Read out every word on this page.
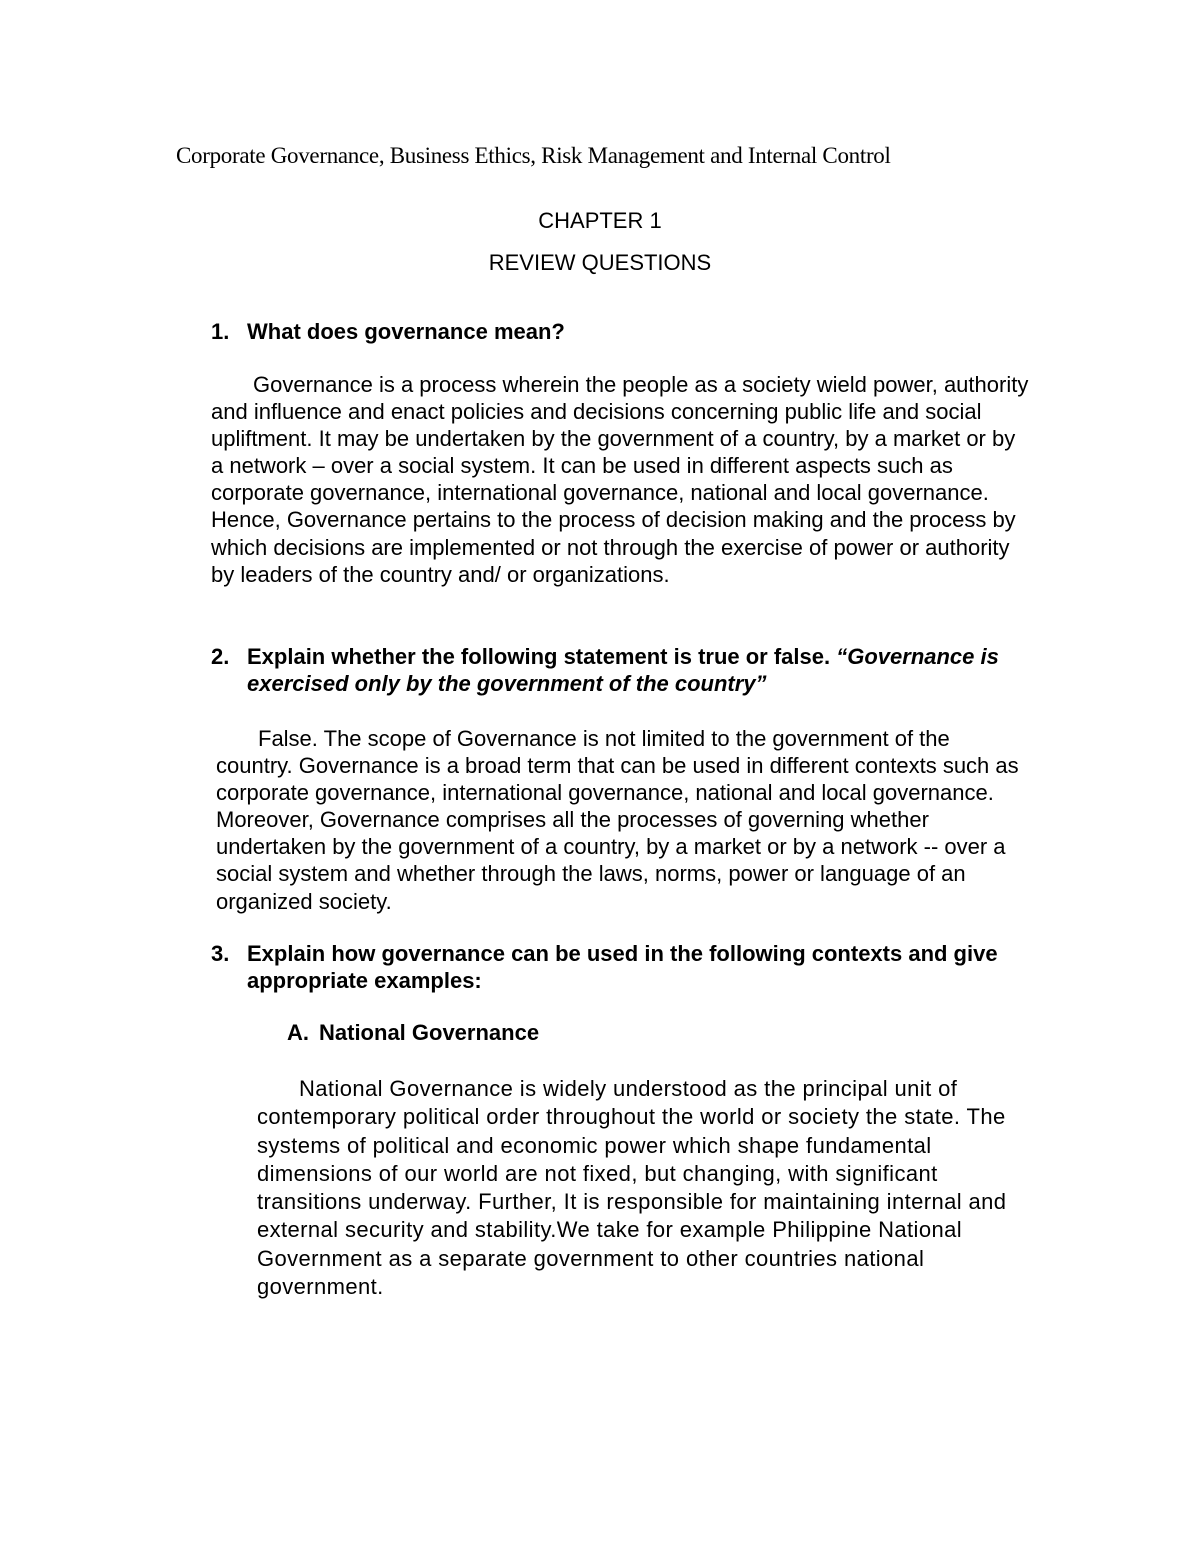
Corporate Governance, Business Ethics, Risk Management and Internal Control
CHAPTER 1
REVIEW QUESTIONS
1. What does governance mean?

Governance is a process wherein the people as a society wield power, authority and influence and enact policies and decisions concerning public life and social upliftment. It may be undertaken by the government of a country, by a market or by a network – over a social system. It can be used in different aspects such as corporate governance, international governance, national and local governance. Hence, Governance pertains to the process of decision making and the process by which decisions are implemented or not through the exercise of power or authority by leaders of the country and/ or organizations.

2. Explain whether the following statement is true or false. “Governance is exercised only by the government of the country”

False. The scope of Governance is not limited to the government of the country. Governance is a broad term that can be used in different contexts such as corporate governance, international governance, national and local governance. Moreover, Governance comprises all the processes of governing whether undertaken by the government of a country, by a market or by a network -- over a social system and whether through the laws, norms, power or language of an organized society.

3. Explain how governance can be used in the following contexts and give appropriate examples:
A. National Governance

National Governance is widely understood as the principal unit of contemporary political order throughout the world or society the state. The systems of political and economic power which shape fundamental dimensions of our world are not fixed, but changing, with significant transitions underway. Further, It is responsible for maintaining internal and external security and stability.We take for example Philippine National Government as a separate government to other countries national government.
